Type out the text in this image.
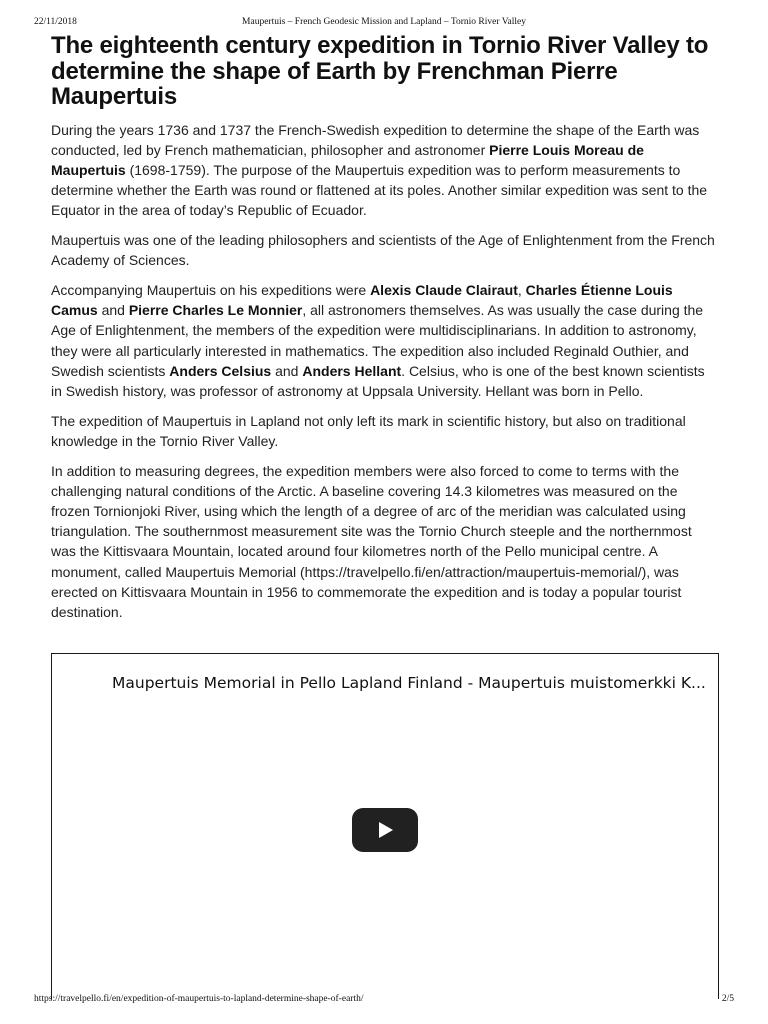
22/11/2018	Maupertuis – French Geodesic Mission and Lapland – Tornio River Valley
The eighteenth century expedition in Tornio River Valley to determine the shape of Earth by Frenchman Pierre Maupertuis

During the years 1736 and 1737 the French-Swedish expedition to determine the shape of the Earth was conducted, led by French mathematician, philosopher and astronomer Pierre Louis Moreau de Maupertuis (1698-1759). The purpose of the Maupertuis expedition was to perform measurements to determine whether the Earth was round or flattened at its poles. Another similar expedition was sent to the Equator in the area of today’s Republic of Ecuador.

Maupertuis was one of the leading philosophers and scientists of the Age of Enlightenment from the French Academy of Sciences.

Accompanying Maupertuis on his expeditions were Alexis Claude Clairaut, Charles Étienne Louis Camus and Pierre Charles Le Monnier, all astronomers themselves. As was usually the case during the Age of Enlightenment, the members of the expedition were multidisciplinarians. In addition to astronomy, they were all particularly interested in mathematics. The expedition also included Reginald Outhier, and Swedish scientists Anders Celsius and Anders Hellant. Celsius, who is one of the best known scientists in Swedish history, was professor of astronomy at Uppsala University. Hellant was born in Pello.

The expedition of Maupertuis in Lapland not only left its mark in scientific history, but also on traditional knowledge in the Tornio River Valley.

In addition to measuring degrees, the expedition members were also forced to come to terms with the challenging natural conditions of the Arctic. A baseline covering 14.3 kilometres was measured on the frozen Tornionjoki River, using which the length of a degree of arc of the meridian was calculated using triangulation. The southernmost measurement site was the Tornio Church steeple and the northernmost was the Kittisvaara Mountain, located around four kilometres north of the Pello municipal centre. A monument, called Maupertuis Memorial (https://travelpello.fi/en/attraction/maupertuis-memorial/), was erected on Kittisvaara Mountain in 1956 to commemorate the expedition and is today a popular tourist destination.

Maupertuis Memorial in Pello Lapland Finland - Maupertuis muistomerkki K...
https://travelpello.fi/en/expedition-of-maupertuis-to-lapland-determine-shape-of-earth/	2/5
